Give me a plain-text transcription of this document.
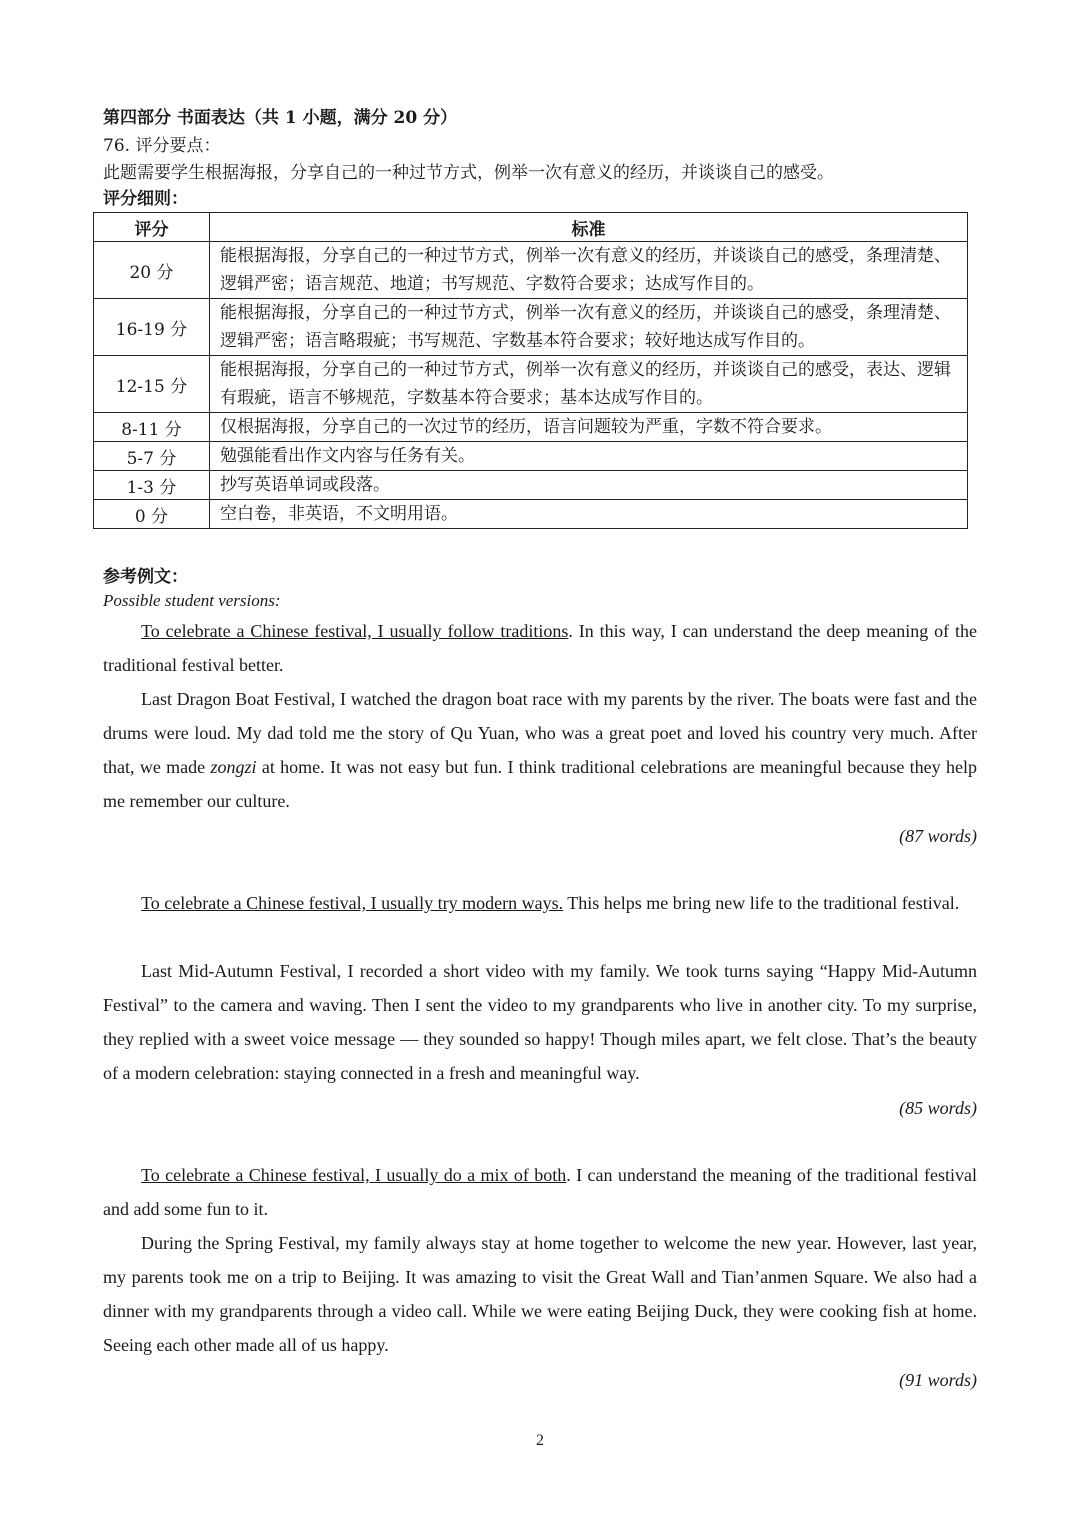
第四部分 书面表达（共 1 小题，满分 20 分）
76. 评分要点：
此题需要学生根据海报，分享自己的一种过节方式，例举一次有意义的经历，并谈谈自己的感受。
评分细则：
评分	标准
20 分	能根据海报，分享自己的一种过节方式，例举一次有意义的经历，并谈谈自己的感受，条理清楚、逻辑严密；语言规范、地道；书写规范、字数符合要求；达成写作目的。
16-19 分	能根据海报，分享自己的一种过节方式，例举一次有意义的经历，并谈谈自己的感受，条理清楚、逻辑严密；语言略瑕疵；书写规范、字数基本符合要求；较好地达成写作目的。
12-15 分	能根据海报，分享自己的一种过节方式，例举一次有意义的经历，并谈谈自己的感受，表达、逻辑有瑕疵，语言不够规范，字数基本符合要求；基本达成写作目的。
8-11 分	仅根据海报，分享自己的一次过节的经历，语言问题较为严重，字数不符合要求。
5-7 分	勉强能看出作文内容与任务有关。
1-3 分	抄写英语单词或段落。
0 分	空白卷，非英语，不文明用语。
参考例文：
Possible student versions:

To celebrate a Chinese festival, I usually follow traditions. In this way, I can understand the deep meaning of the traditional festival better.

Last Dragon Boat Festival, I watched the dragon boat race with my parents by the river. The boats were fast and the drums were loud. My dad told me the story of Qu Yuan, who was a great poet and loved his country very much. After that, we made zongzi at home. It was not easy but fun. I think traditional celebrations are meaningful because they help me remember our culture.

(87 words)

To celebrate a Chinese festival, I usually try modern ways. This helps me bring new life to the traditional festival.

Last Mid-Autumn Festival, I recorded a short video with my family. We took turns saying “Happy Mid-Autumn Festival” to the camera and waving. Then I sent the video to my grandparents who live in another city. To my surprise, they replied with a sweet voice message — they sounded so happy! Though miles apart, we felt close. That’s the beauty of a modern celebration: staying connected in a fresh and meaningful way.

(85 words)

To celebrate a Chinese festival, I usually do a mix of both. I can understand the meaning of the traditional festival and add some fun to it.

During the Spring Festival, my family always stay at home together to welcome the new year. However, last year, my parents took me on a trip to Beijing. It was amazing to visit the Great Wall and Tian’anmen Square. We also had a dinner with my grandparents through a video call. While we were eating Beijing Duck, they were cooking fish at home. Seeing each other made all of us happy.

(91 words)
2
